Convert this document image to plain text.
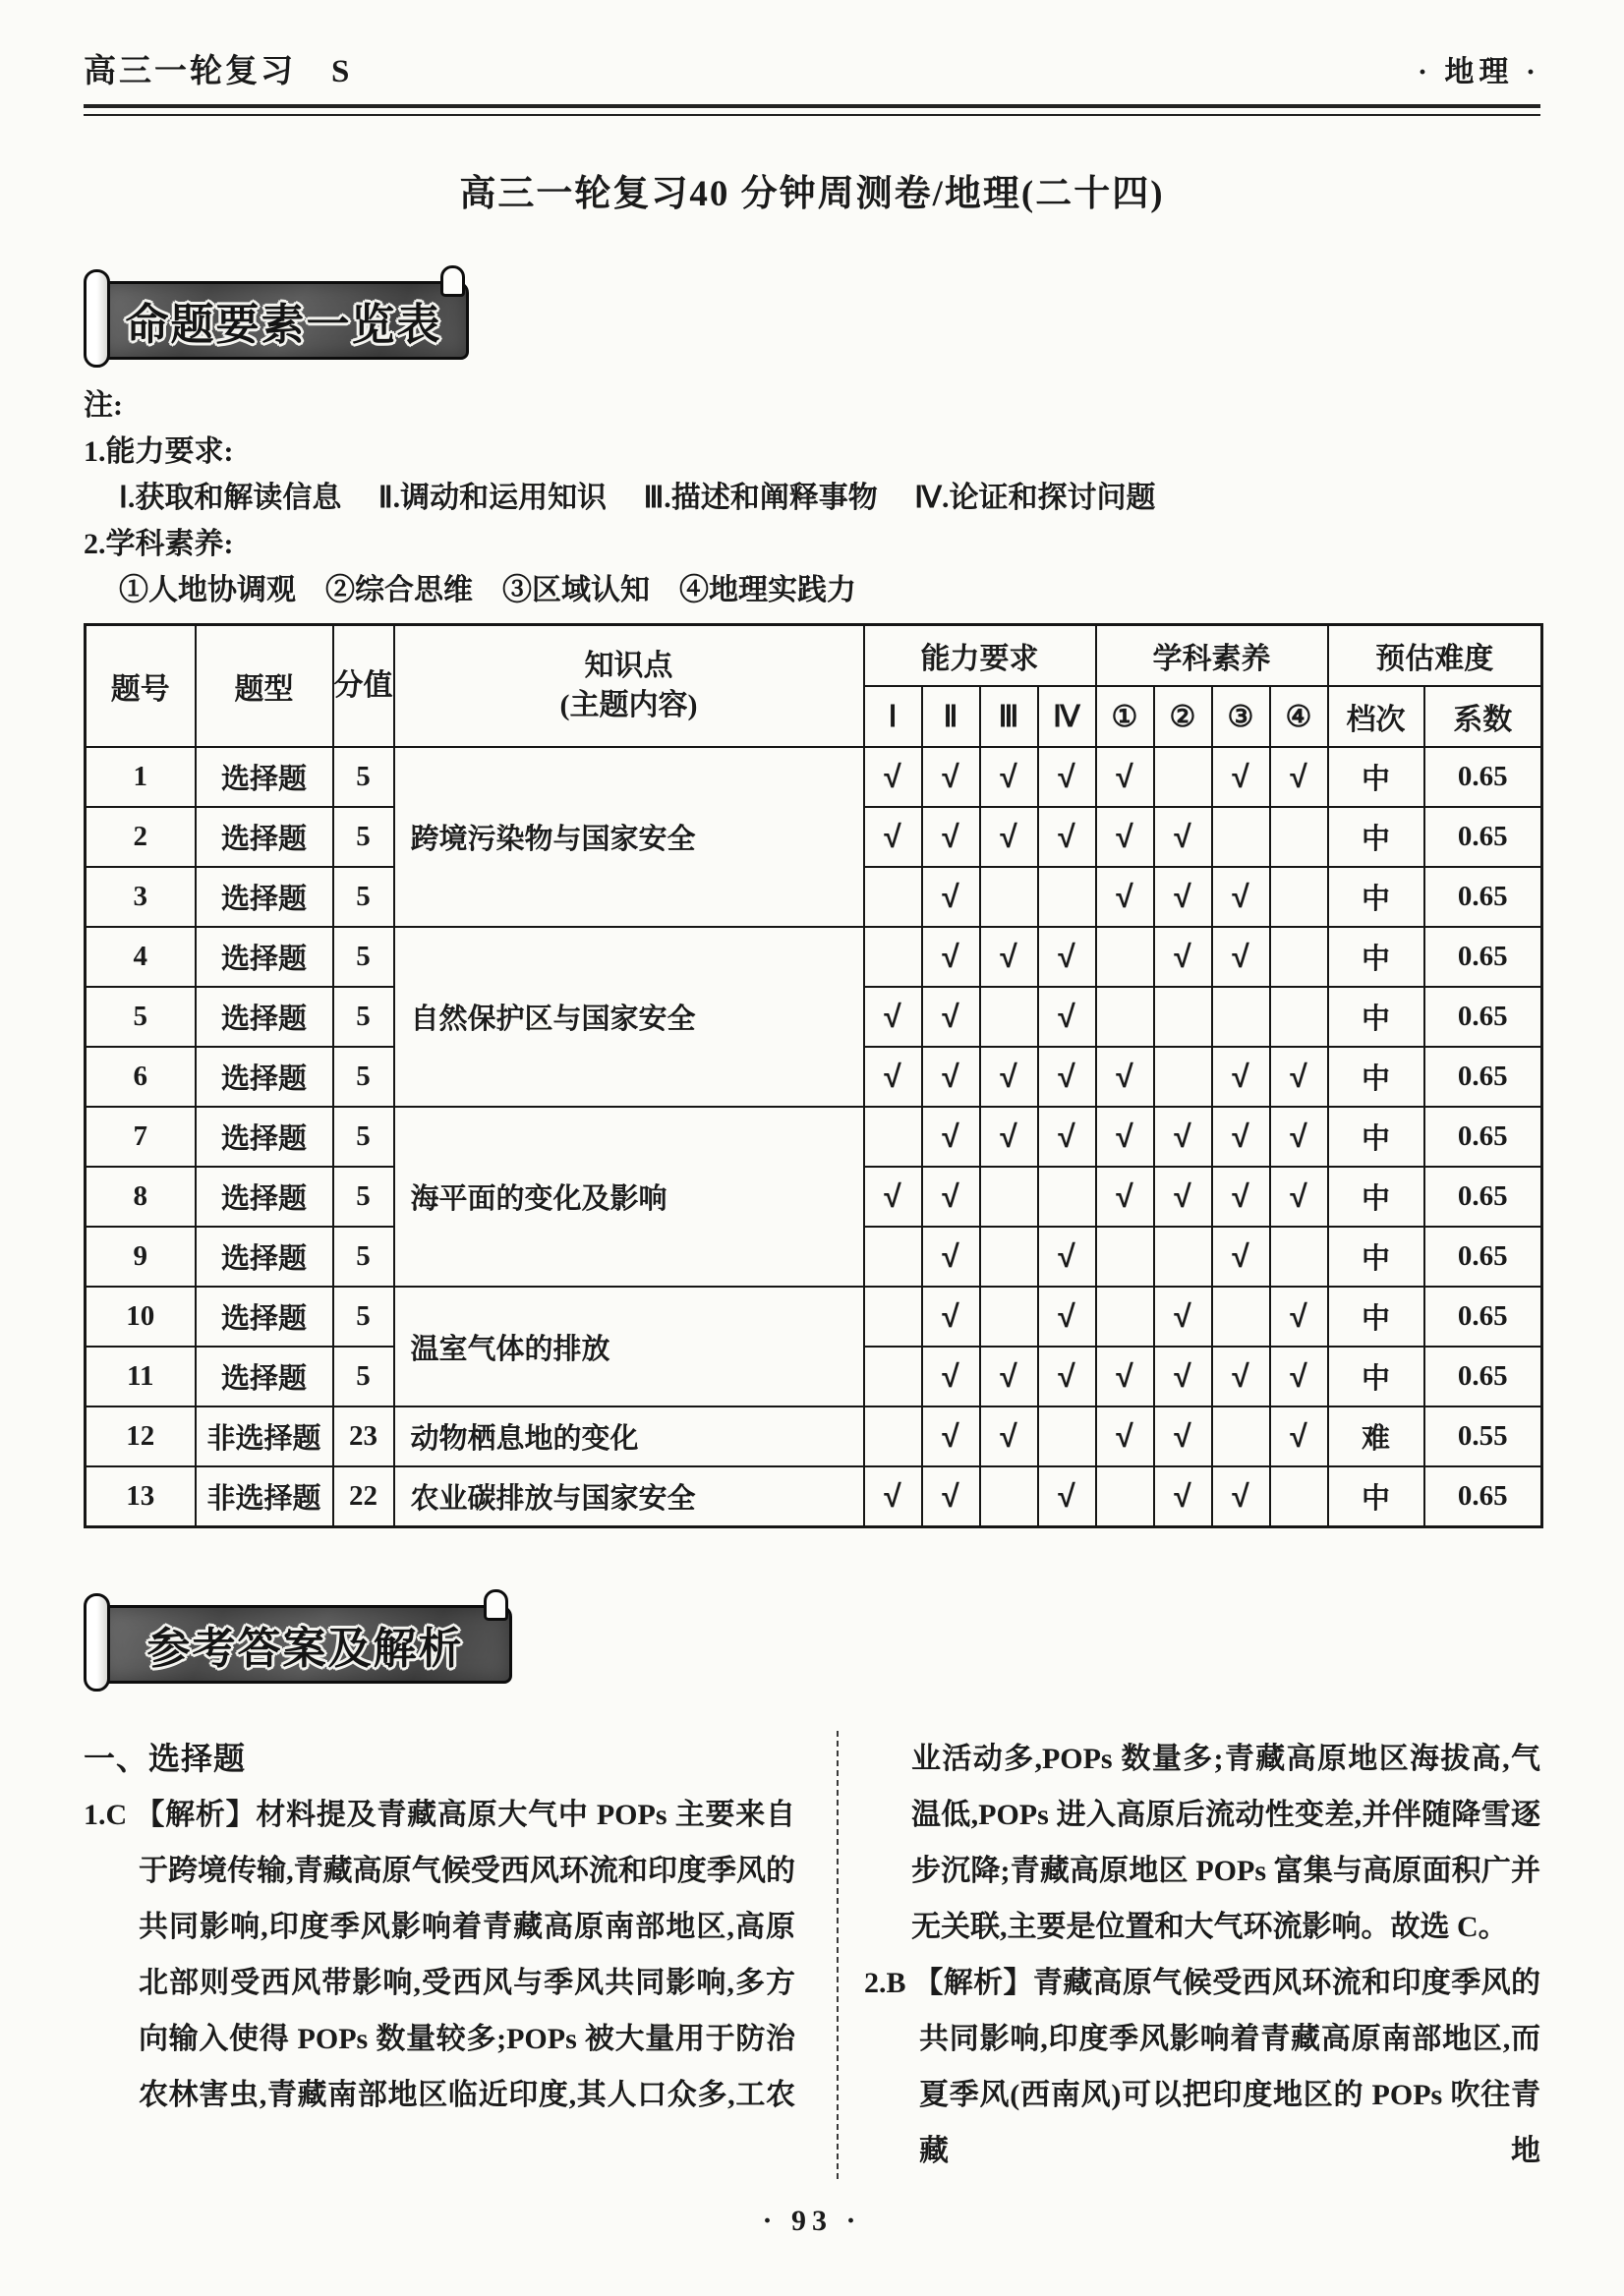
高三一轮复习　S	· 地理 ·
高三一轮复习40 分钟周测卷/地理(二十四)
命题要素一览表
注:
1.能力要求:
Ⅰ.获取和解读信息　 Ⅱ.调动和运用知识　 Ⅲ.描述和阐释事物　 Ⅳ.论证和探讨问题
2.学科素养:
①人地协调观　②综合思维　③区域认知　④地理实践力
题号	题型	分值	知识点
(主题内容)	能力要求				学科素养				预估难度	
				Ⅰ	Ⅱ	Ⅲ	Ⅳ	①	②	③	④	档次	系数
1	选择题	5	跨境污染物与国家安全	√	√	√	√	√		√	√	中	0.65
2	选择题	5		√	√	√	√	√	√			中	0.65
3	选择题	5			√			√	√	√		中	0.65
4	选择题	5	自然保护区与国家安全		√	√	√		√	√		中	0.65
5	选择题	5		√	√		√					中	0.65
6	选择题	5		√	√	√	√	√		√	√	中	0.65
7	选择题	5	海平面的变化及影响		√	√	√	√	√	√	√	中	0.65
8	选择题	5		√	√			√	√	√	√	中	0.65
9	选择题	5			√		√			√		中	0.65
10	选择题	5	温室气体的排放		√		√		√		√	中	0.65
11	选择题	5			√	√	√	√	√	√	√	中	0.65
12	非选择题	23	动物栖息地的变化		√	√		√	√		√	难	0.55
13	非选择题	22	农业碳排放与国家安全	√	√		√		√	√		中	0.65
参考答案及解析
一、选择题

1.C 【解析】材料提及青藏高原大气中 POPs 主要来自于跨境传输,青藏高原气候受西风环流和印度季风的共同影响,印度季风影响着青藏高原南部地区,高原北部则受西风带影响,受西风与季风共同影响,多方向输入使得 POPs 数量较多;POPs 被大量用于防治农林害虫,青藏南部地区临近印度,其人口众多,工农

业活动多,POPs 数量多;青藏高原地区海拔高,气温低,POPs 进入高原后流动性变差,并伴随降雪逐步沉降;青藏高原地区 POPs 富集与高原面积广并无关联,主要是位置和大气环流影响。故选 C。

2.B 【解析】青藏高原气候受西风环流和印度季风的共同影响,印度季风影响着青藏高原南部地区,而夏季风(西南风)可以把印度地区的 POPs 吹往青藏地

· 93 ·
